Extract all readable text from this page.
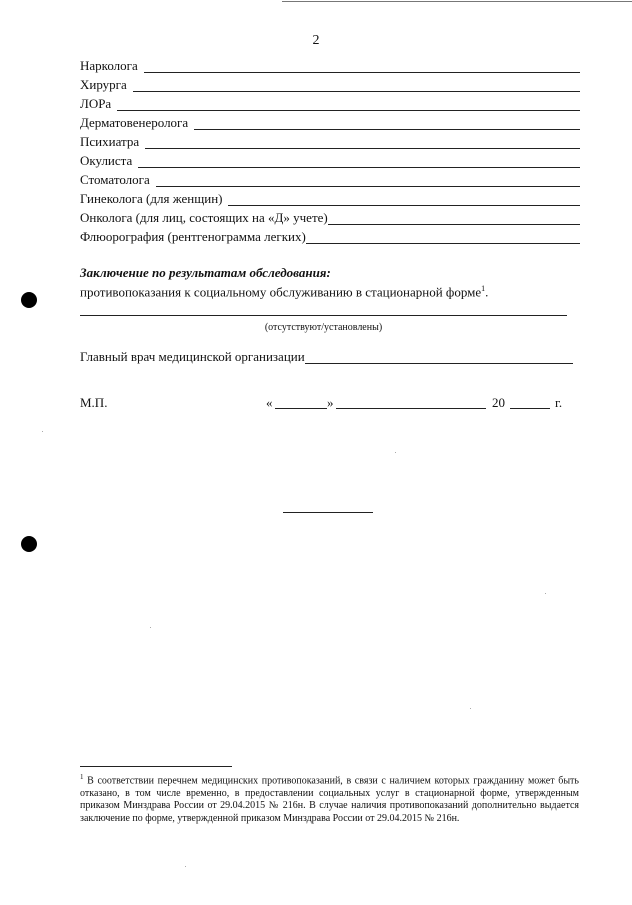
2
Нарколога
Хирурга
ЛОРа
Дерматовенеролога
Психиатра
Окулиста
Стоматолога
Гинеколога (для женщин)
Онколога (для лиц, состоящих на «Д» учете)
Флюорография (рентгенограмма легких)
Заключение по результатам обследования:
противопоказания к социальному обслуживанию в стационарной форме$^1$.
(отсутствуют/установлены)
Главный врач медицинской организации
М.П.	«	»	20	г.
$^1$ В соответствии перечнем медицинских противопоказаний, в связи с наличием которых гражданину может быть отказано, в том числе временно, в предоставлении социальных услуг в стационарной форме, утвержденным приказом Минздрава России от 29.04.2015 № 216н. В случае наличия противопоказаний дополнительно выдается заключение по форме, утвержденной приказом Минздрава России от 29.04.2015 № 216н.
